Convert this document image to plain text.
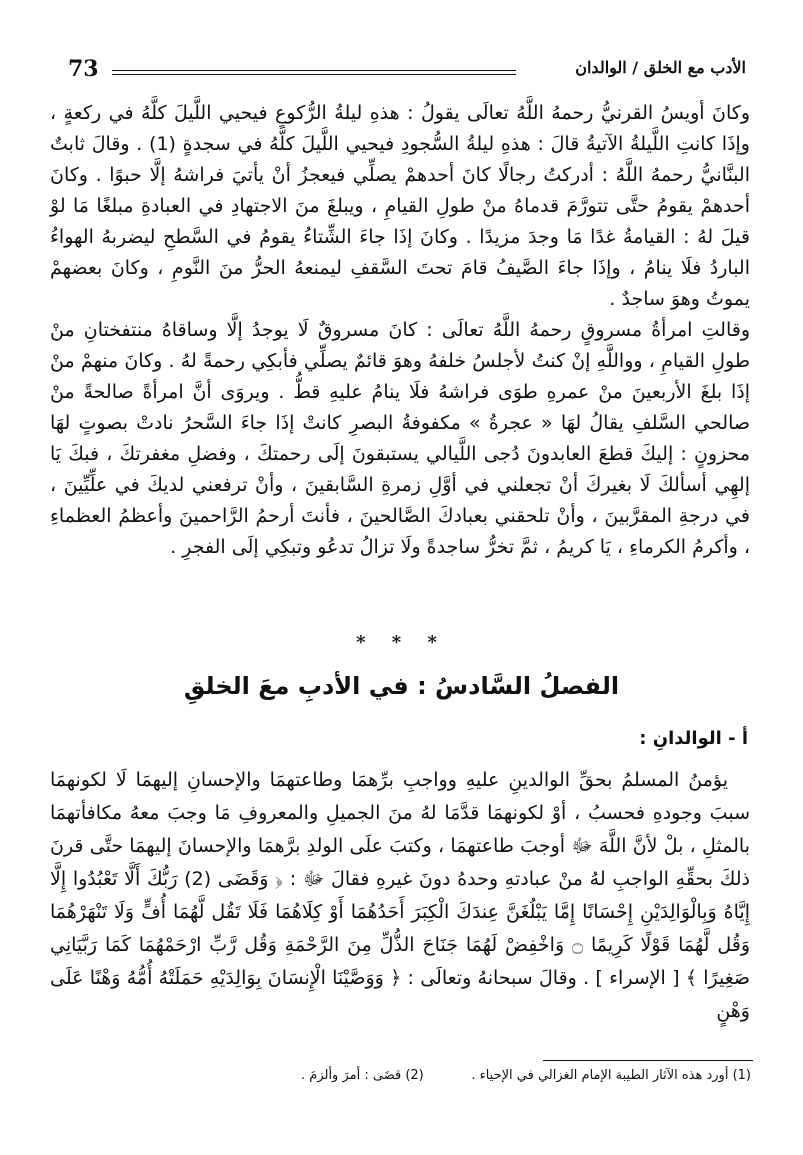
73	الأدب مع الخلق / الوالدان

وكانَ أويسُ القرنيُّ رحمهُ اللَّهُ تعالَى يقولُ : هذهِ ليلةُ الرُّكوعِ فيحيي اللَّيلَ كلَّهُ في ركعةٍ ، وإذَا كانتِ اللَّيلةُ الآتيةُ قالَ : هذهِ ليلةُ السُّجودِ فيحيي اللَّيلَ كلَّهُ في سجدةٍ (1) . وقالَ ثابتٌ البنَّانيُّ رحمهُ اللَّهُ : أدركتُ رجالًا كانَ أحدهمْ يصلِّي فيعجزُ أنْ يأتيَ فراشهُ إلَّا حبوًا . وكانَ أحدهمْ يقومُ حتَّى تتورَّمَ قدماهُ منْ طولِ القيامِ ، ويبلغَ منَ الاجتهادِ في العبادةِ مبلغًا مَا لوْ قيلَ لهُ : القيامةُ غدًا مَا وجدَ مزيدًا . وكانَ إذَا جاءَ الشِّتاءُ يقومُ في السَّطحِ ليضربهُ الهواءُ الباردُ فلَا ينامُ ، وإذَا جاءَ الصَّيفُ قامَ تحتَ السَّقفِ ليمنعهُ الحرُّ منَ النَّومِ ، وكانَ بعضهمْ يموتُ وهوَ ساجدٌ .

وقالتِ امرأةُ مسروقٍ رحمهُ اللَّهُ تعالَى : كانَ مسروقٌ لَا يوجدُ إلَّا وساقاهُ منتفختانِ منْ طولِ القيامِ ، وواللَّهِ إنْ كنتُ لأجلسُ خلفهُ وهوَ قائمٌ يصلِّي فأبكِي رحمةً لهُ . وكانَ منهمْ منْ إذَا بلغَ الأربعينَ منْ عمرهِ طوَى فراشهُ فلَا ينامُ عليهِ قطُّ . ويروَى أنَّ امرأةً صالحةً منْ صالحي السَّلفِ يقالُ لهَا « عجرةُ » مكفوفةُ البصرِ كانتْ إذَا جاءَ السَّحرُ نادتْ بصوتٍ لهَا محزونٍ : إليكَ قطعَ العابدونَ دُجى اللَّيالي يستبقونَ إلَى رحمتكَ ، وفضلِ مغفرتكَ ، فبكَ يَا إلهِي أسألكَ لَا بغيركَ أنْ تجعلني في أوَّلِ زمرةِ السَّابقينَ ، وأنْ ترفعني لديكَ في علِّيِّينَ ، في درجةِ المقرَّبينَ ، وأنْ تلحقني بعبادكَ الصَّالحينَ ، فأنتَ أرحمُ الرَّاحمينَ وأعظمُ العظماءِ ، وأكرمُ الكرماءِ ، يَا كريمُ ، ثمَّ تخرُّ ساجدةً ولَا تزالُ تدعُو وتبكِي إلَى الفجرِ .

* * *
الفصلُ السَّادسُ : في الأدبِ معَ الخلقِ
أ - الوالدانِ :

يؤمنُ المسلمُ بحقِّ الوالدينِ عليهِ وواجبِ برِّهمَا وطاعتهمَا والإحسانِ إليهمَا لَا لكونهمَا سببَ وجودهِ فحسبُ ، أوْ لكونهمَا قدَّمَا لهُ منَ الجميلِ والمعروفِ مَا وجبَ معهُ مكافأتهمَا بالمثلِ ، بلْ لأنَّ اللَّهَ ﷻ أوجبَ طاعتهمَا ، وكتبَ علَى الولدِ برَّهمَا والإحسانَ إليهمَا حتَّى قرنَ ذلكَ بحقِّهِ الواجبِ لهُ منْ عبادتهِ وحدهُ دونَ غيرهِ فقالَ ﷻ : ﴿ وَقَضَى (2) رَبُّكَ أَلَّا تَعْبُدُوا إِلَّا إِيَّاهُ وَبِالْوَالِدَيْنِ إِحْسَانًا إِمَّا يَبْلُغَنَّ عِندَكَ الْكِبَرَ أَحَدُهُمَا أَوْ كِلَاهُمَا فَلَا تَقُل لَّهُمَا أُفٍّ وَلَا تَنْهَرْهُمَا وَقُل لَّهُمَا قَوْلًا كَرِيمًا ۝ وَاخْفِضْ لَهُمَا جَنَاحَ الذُّلِّ مِنَ الرَّحْمَةِ وَقُل رَّبِّ ارْحَمْهُمَا كَمَا رَبَّيَانِي صَغِيرًا ﴾ [ الإسراء ] . وقالَ سبحانهُ وتعالَى : ﴿ وَوَصَّيْنَا الْإِنسَانَ بِوَالِدَيْهِ حَمَلَتْهُ أُمُّهُ وَهْنًا عَلَى وَهْنٍ

(1) أورد هذه الآثار الطيبة الإمام الغزالي في الإحياء .
(2) قضَى : أمرَ وألزمَ .
